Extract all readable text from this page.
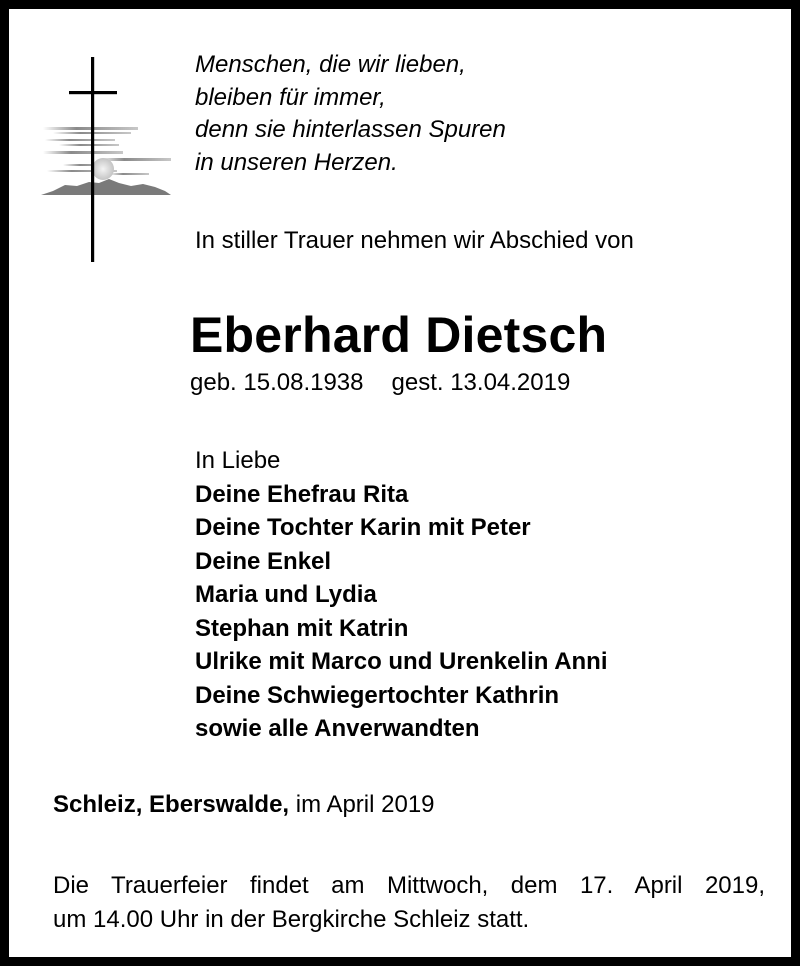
Menschen, die wir lieben,
bleiben für immer,
denn sie hinterlassen Spuren
in unseren Herzen.
In stiller Trauer nehmen wir Abschied von
Eberhard Dietsch
geb. 15.08.1938 gest. 13.04.2019
In Liebe
Deine Ehefrau Rita
Deine Tochter Karin mit Peter
Deine Enkel
Maria und Lydia
Stephan mit Katrin
Ulrike mit Marco und Urenkelin Anni
Deine Schwiegertochter Kathrin
sowie alle Anverwandten
Schleiz, Eberswalde, im April 2019
Die Trauerfeier findet am Mittwoch, dem 17. April 2019,
um 14.00 Uhr in der Bergkirche Schleiz statt.
